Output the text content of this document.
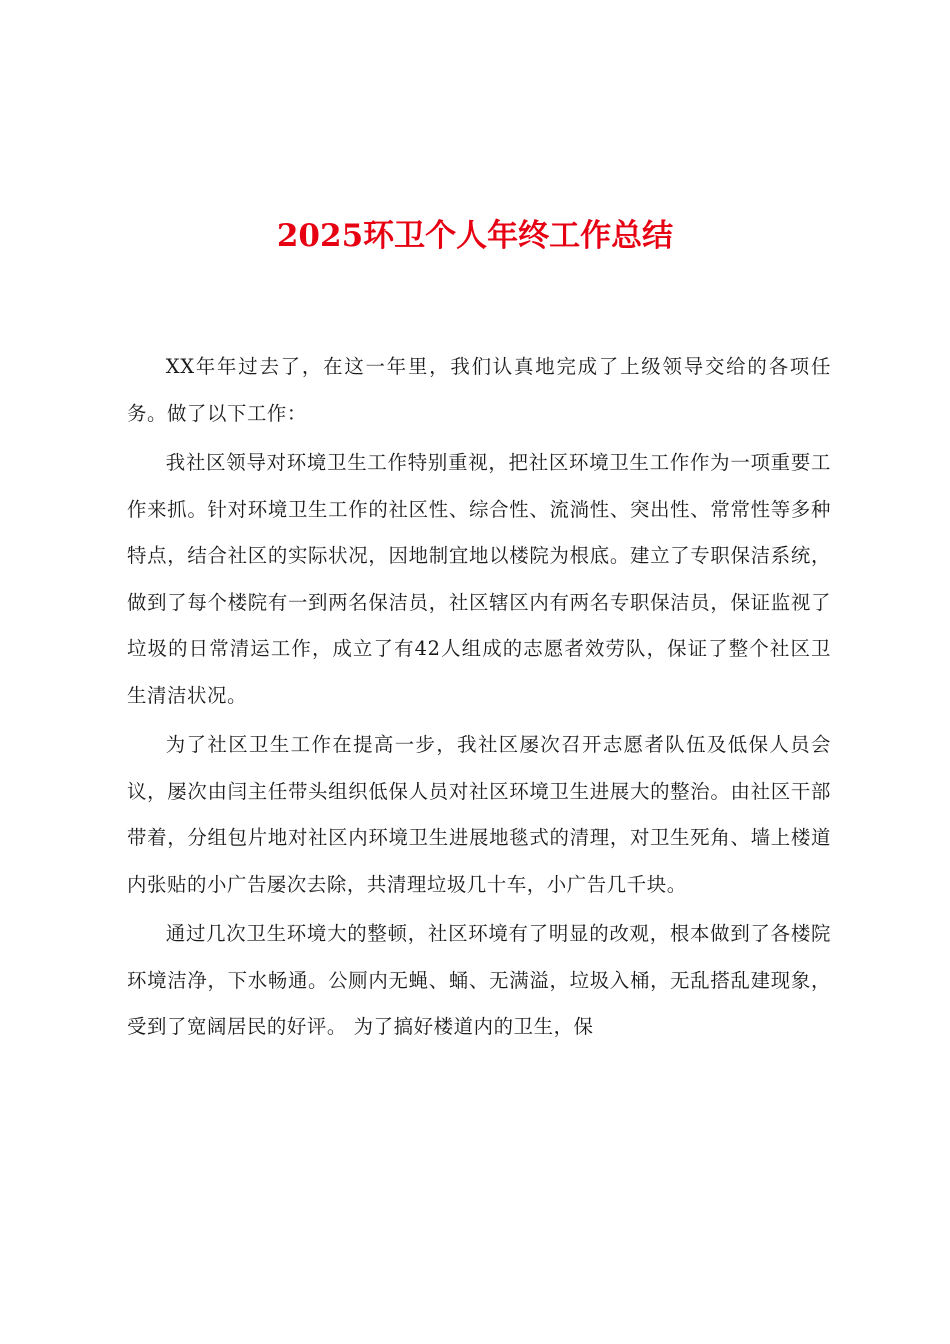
2025环卫个人年终工作总结

XX年年过去了，在这一年里，我们认真地完成了上级领导交给的各项任务。做了以下工作：

我社区领导对环境卫生工作特别重视，把社区环境卫生工作作为一项重要工作来抓。针对环境卫生工作的社区性、综合性、流淌性、突出性、常常性等多种特点，结合社区的实际状况，因地制宜地以楼院为根底。建立了专职保洁系统，做到了每个楼院有一到两名保洁员，社区辖区内有两名专职保洁员，保证监视了垃圾的日常清运工作，成立了有42人组成的志愿者效劳队，保证了整个社区卫生清洁状况。

为了社区卫生工作在提高一步，我社区屡次召开志愿者队伍及低保人员会议，屡次由闫主任带头组织低保人员对社区环境卫生进展大的整治。由社区干部带着，分组包片地对社区内环境卫生进展地毯式的清理，对卫生死角、墙上楼道内张贴的小广告屡次去除，共清理垃圾几十车，小广告几千块。

通过几次卫生环境大的整顿，社区环境有了明显的改观，根本做到了各楼院环境洁净，下水畅通。公厕内无蝇、蛹、无满溢，垃圾入桶，无乱搭乱建现象，受到了宽阔居民的好评。 为了搞好楼道内的卫生，保
